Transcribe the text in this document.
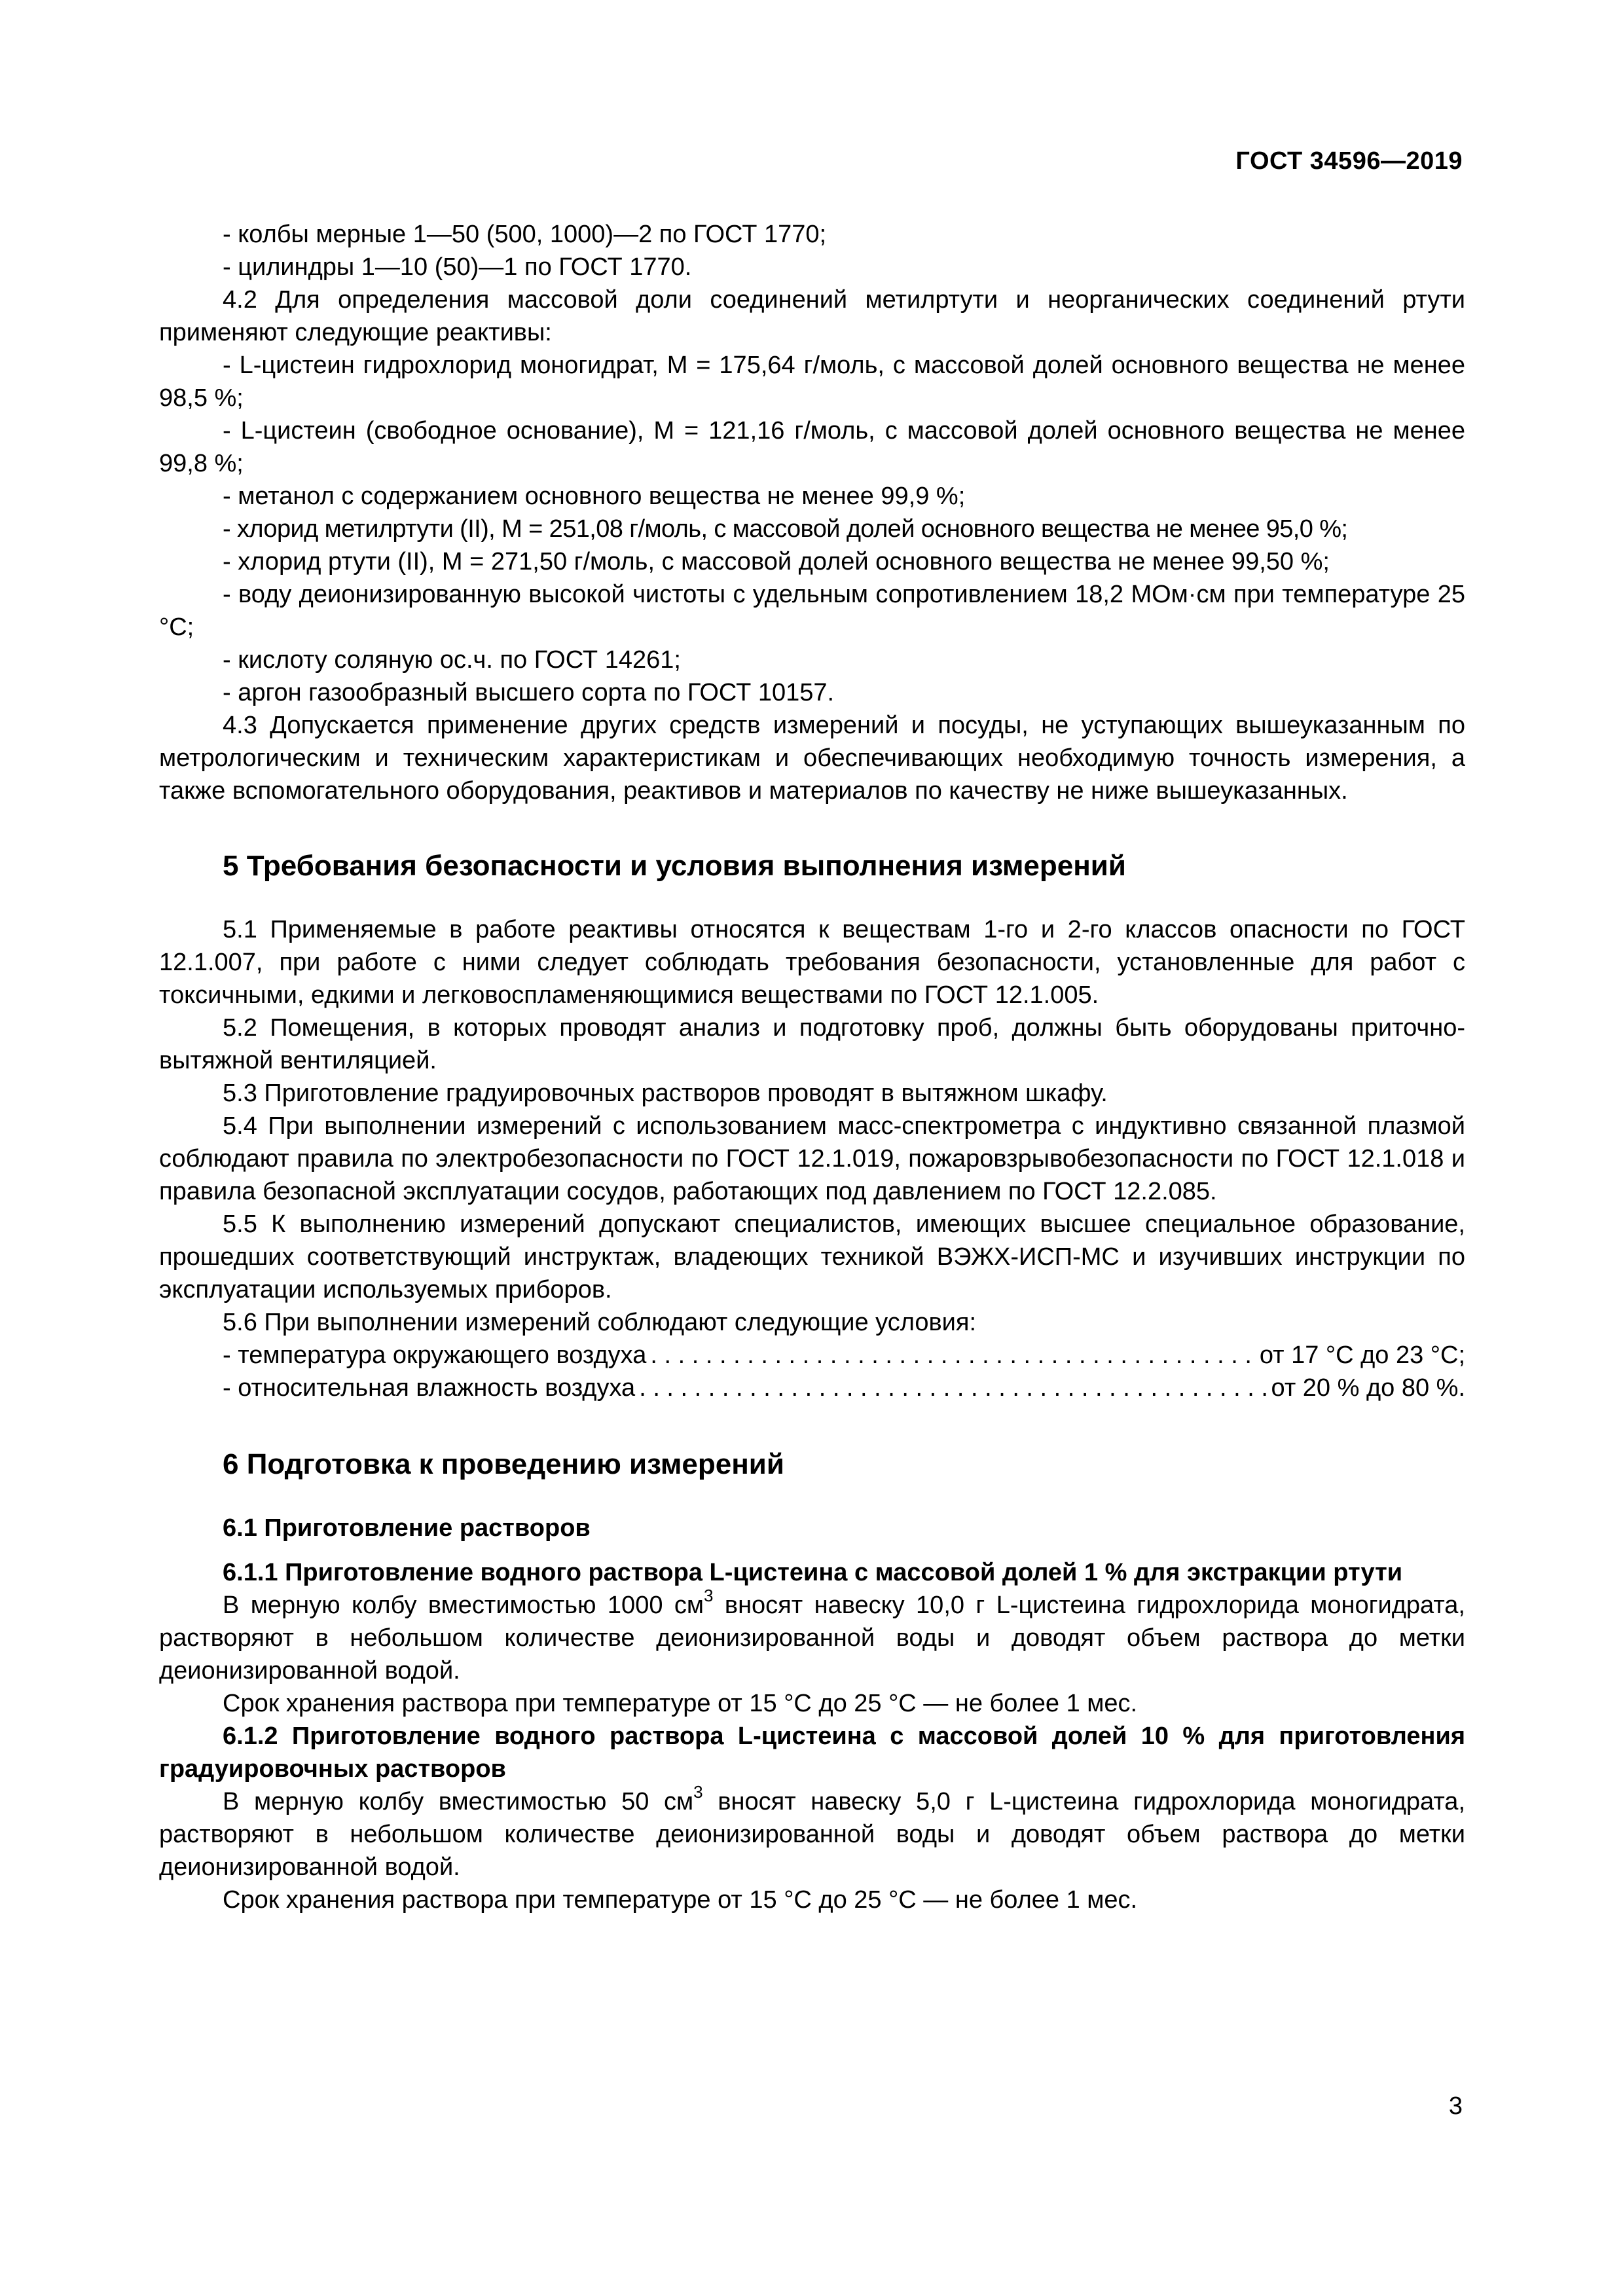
ГОСТ 34596—2019

- колбы мерные 1—50 (500, 1000)—2 по ГОСТ 1770;

- цилиндры 1—10 (50)—1 по ГОСТ 1770.

4.2 Для определения массовой доли соединений метилртути и неорганических соединений ртути применяют следующие реактивы:

- L-цистеин гидрохлорид моногидрат, M = 175,64 г/моль, с массовой долей основного вещества не менее 98,5 %;

- L-цистеин (свободное основание), M = 121,16 г/моль, с массовой долей основного вещества не менее 99,8 %;

- метанол с содержанием основного вещества не менее 99,9 %;

- хлорид метилртути (II), M = 251,08 г/моль, с массовой долей основного вещества не менее 95,0 %;

- хлорид ртути (II), M = 271,50 г/моль, с массовой долей основного вещества не менее 99,50 %;

- воду деионизированную высокой чистоты с удельным сопротивлением 18,2 МОм·см при температуре 25 °С;

- кислоту соляную ос.ч. по ГОСТ 14261;

- аргон газообразный высшего сорта по ГОСТ 10157.

4.3 Допускается применение других средств измерений и посуды, не уступающих вышеуказанным по метрологическим и техническим характеристикам и обеспечивающих необходимую точность измерения, а также вспомогательного оборудования, реактивов и материалов по качеству не ниже вышеуказанных.

5 Требования безопасности и условия выполнения измерений

5.1 Применяемые в работе реактивы относятся к веществам 1-го и 2-го классов опасности по ГОСТ 12.1.007, при работе с ними следует соблюдать требования безопасности, установленные для работ с токсичными, едкими и легковоспламеняющимися веществами по ГОСТ 12.1.005.

5.2 Помещения, в которых проводят анализ и подготовку проб, должны быть оборудованы приточно-вытяжной вентиляцией.

5.3 Приготовление градуировочных растворов проводят в вытяжном шкафу.

5.4 При выполнении измерений с использованием масс-спектрометра с индуктивно связанной плазмой соблюдают правила по электробезопасности по ГОСТ 12.1.019, пожаровзрывобезопасности по ГОСТ 12.1.018 и правила безопасной эксплуатации сосудов, работающих под давлением по ГОСТ 12.2.085.

5.5 К выполнению измерений допускают специалистов, имеющих высшее специальное образование, прошедших соответствующий инструктаж, владеющих техникой ВЭЖХ-ИСП-МС и изучивших инструкции по эксплуатации используемых приборов.

5.6 При выполнении измерений соблюдают следующие условия:

- температура окружающего воздуха . . .	от 17 °С до 23 °С;
- относительная влажность воздуха . . .	от 20 % до 80 %.
6 Подготовка к проведению измерений
6.1 Приготовление растворов

6.1.1 Приготовление водного раствора L-цистеина с массовой долей 1 % для экстракции ртути

В мерную колбу вместимостью 1000 $см^3$ вносят навеску 10,0 г L-цистеина гидрохлорида моногидрата, растворяют в небольшом количестве деионизированной воды и доводят объем раствора до метки деионизированной водой.

Срок хранения раствора при температуре от 15 °С до 25 °С — не более 1 мес.

6.1.2 Приготовление водного раствора L-цистеина с массовой долей 10 % для приготовления градуировочных растворов

В мерную колбу вместимостью 50 $см^3$ вносят навеску 5,0 г L-цистеина гидрохлорида моногидрата, растворяют в небольшом количестве деионизированной воды и доводят объем раствора до метки деионизированной водой.

Срок хранения раствора при температуре от 15 °С до 25 °С — не более 1 мес.

3
